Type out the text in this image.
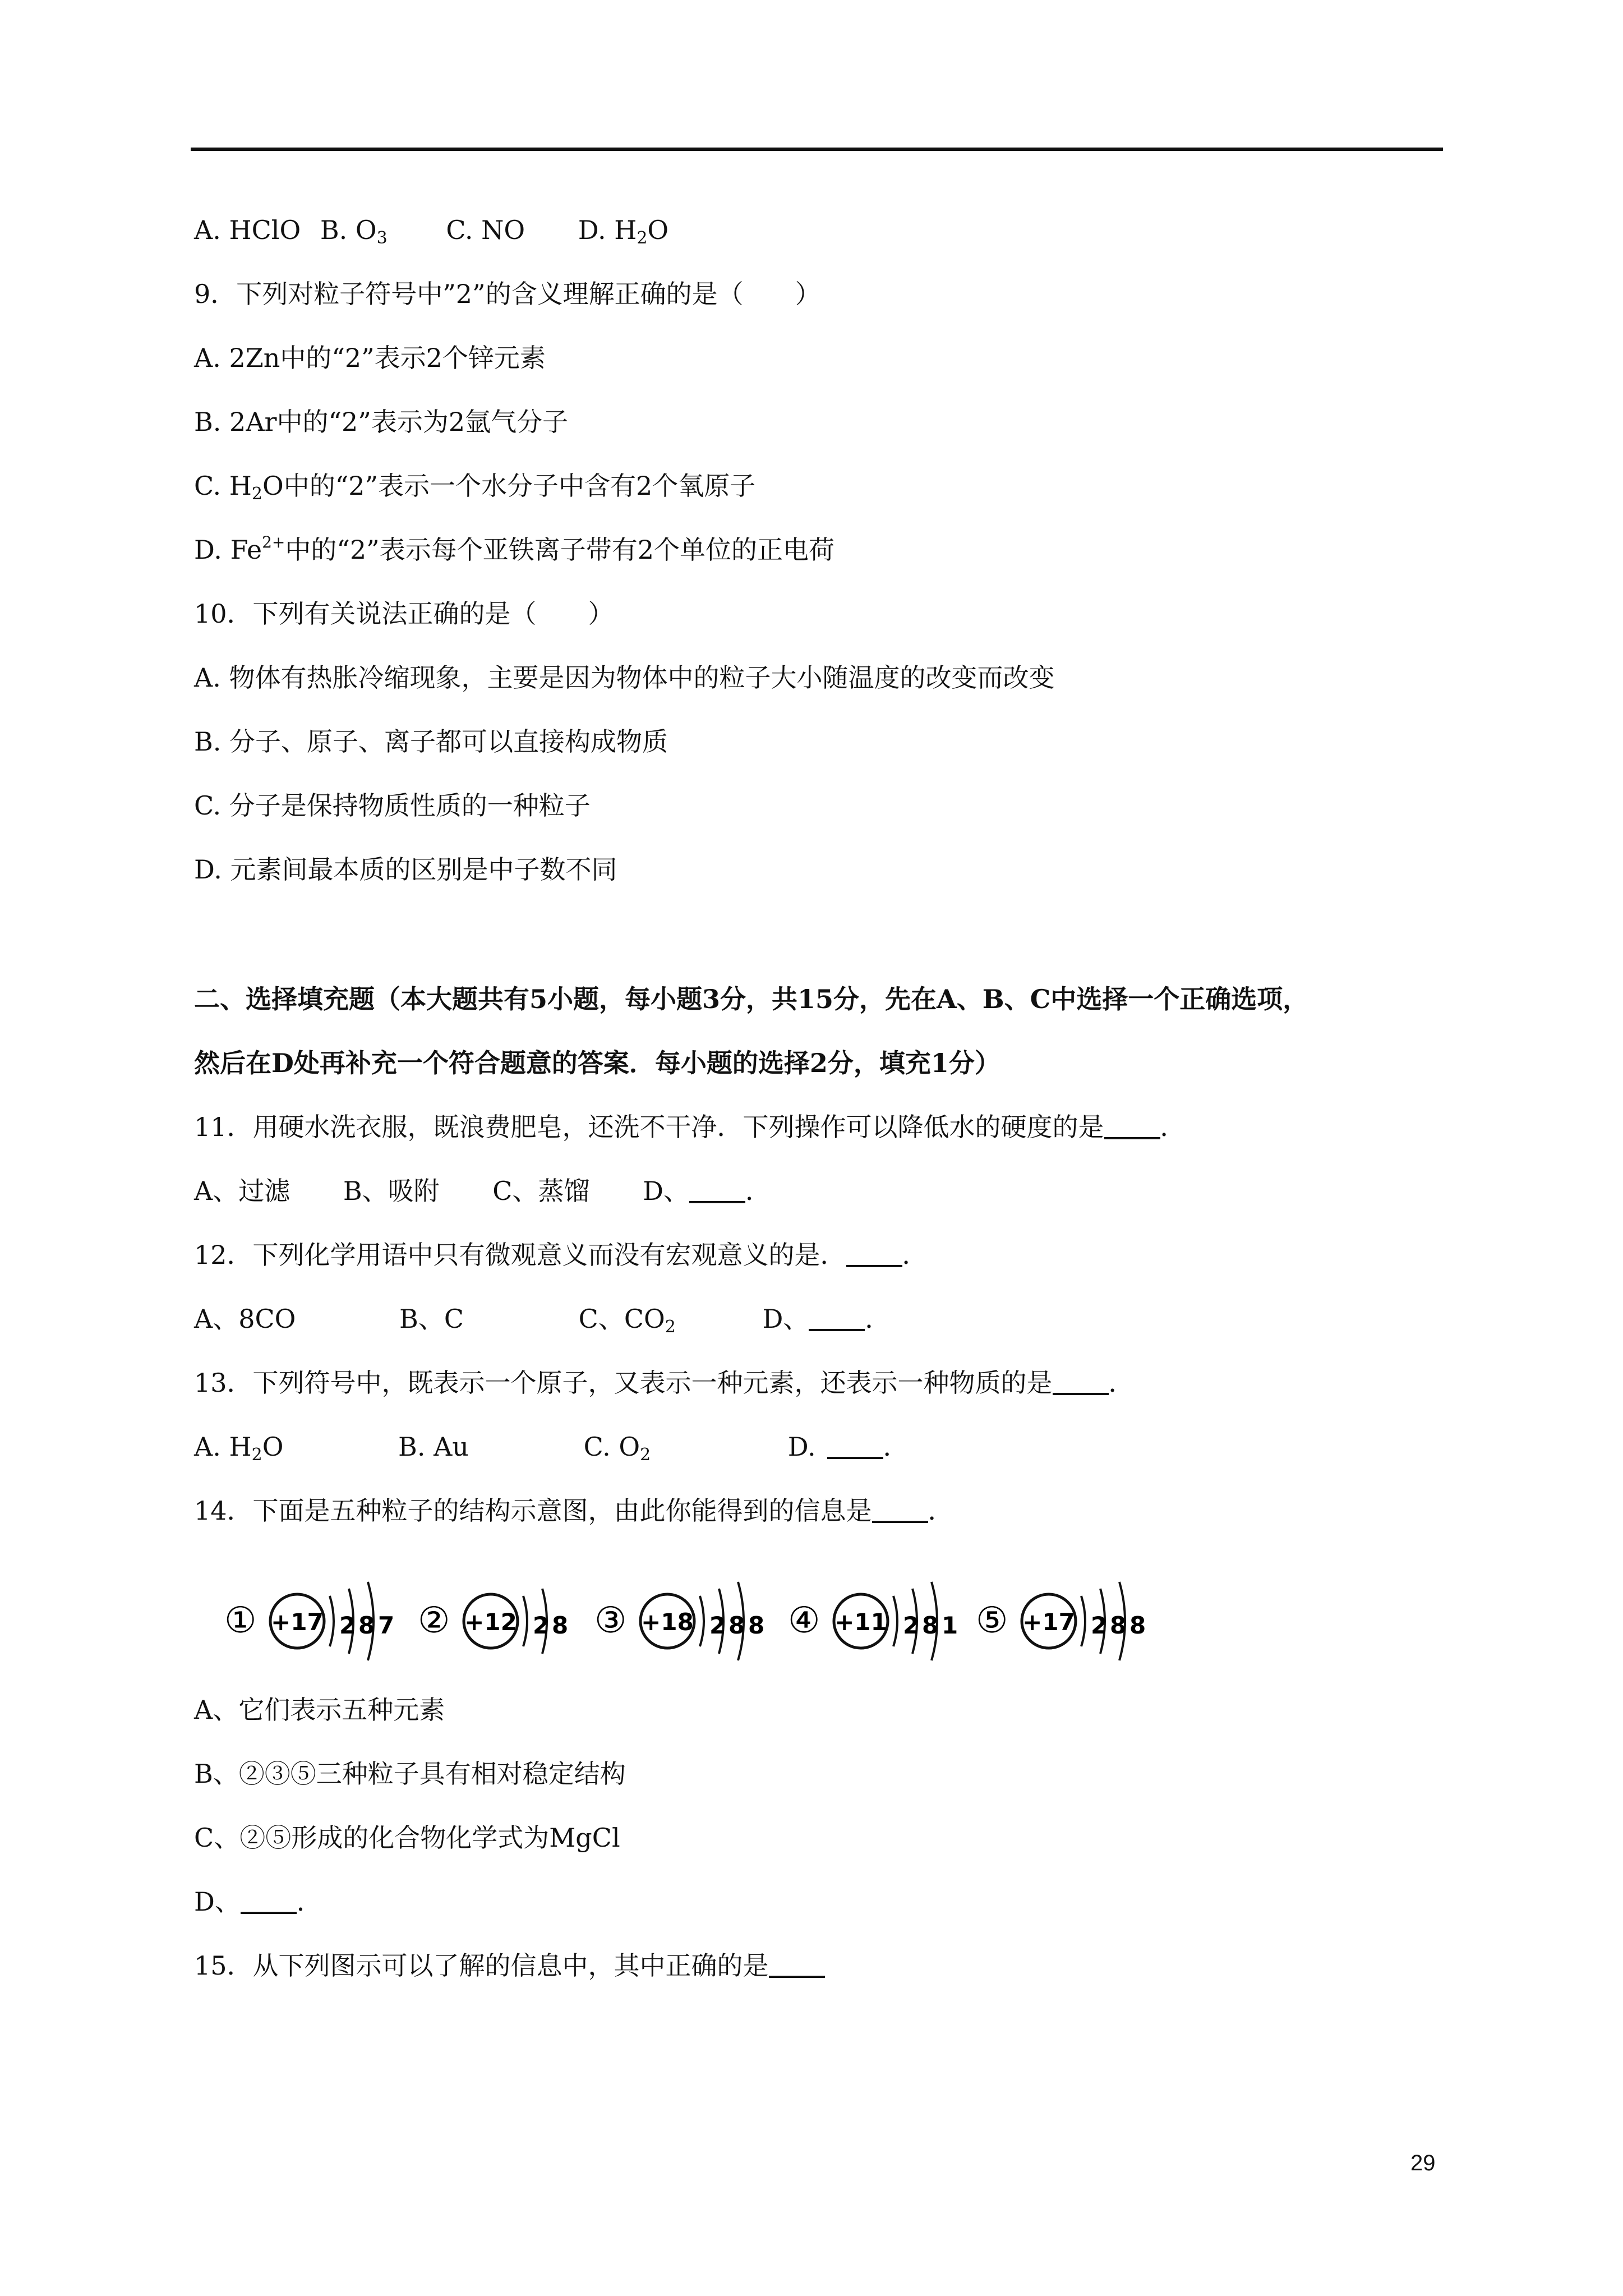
A. HClO B. $O_3$ C. NO D. $H_2O$
9．下列对粒子符号中”2”的含义理解正确的是（　　）
A. 2Zn中的“2”表示2个锌元素
B. 2Ar中的“2”表示为2氩气分子
C. $H_2O$中的“2”表示一个水分子中含有2个氧原子
D. $Fe^{2+}$中的“2”表示每个亚铁离子带有2个单位的正电荷
10．下列有关说法正确的是（　　）
A. 物体有热胀冷缩现象，主要是因为物体中的粒子大小随温度的改变而改变
B. 分子、原子、离子都可以直接构成物质
C. 分子是保持物质性质的一种粒子
D. 元素间最本质的区别是中子数不同
二、选择填充题（本大题共有5小题，每小题3分，共15分，先在A、B、C中选择一个正确选项，
然后在D处再补充一个符合题意的答案．每小题的选择2分，填充1分）
11．用硬水洗衣服，既浪费肥皂，还洗不干净．下列操作可以降低水的硬度的是 ．
A、过滤 B、吸附 C、蒸馏 D、 ．
12．下列化学用语中只有微观意义而没有宏观意义的是． ．
A、8CO	B、C	C、$CO_2$	D、 ．
13．下列符号中，既表示一个原子，又表示一种元素，还表示一种物质的是 ．
A. $H_2O$	B. Au	C. $O_2$	D.	．
14．下面是五种粒子的结构示意图，由此你能得到的信息是 ．
① +17 2 8 7 ② +12 2 8 ③ +18 2 8 8 ④ +11 2 8 1 ⑤ +17 2 8 8
A、它们表示五种元素
B、②③⑤三种粒子具有相对稳定结构
C、②⑤形成的化合物化学式为MgCl
D、 ．
15．从下列图示可以了解的信息中，其中正确的是
29
